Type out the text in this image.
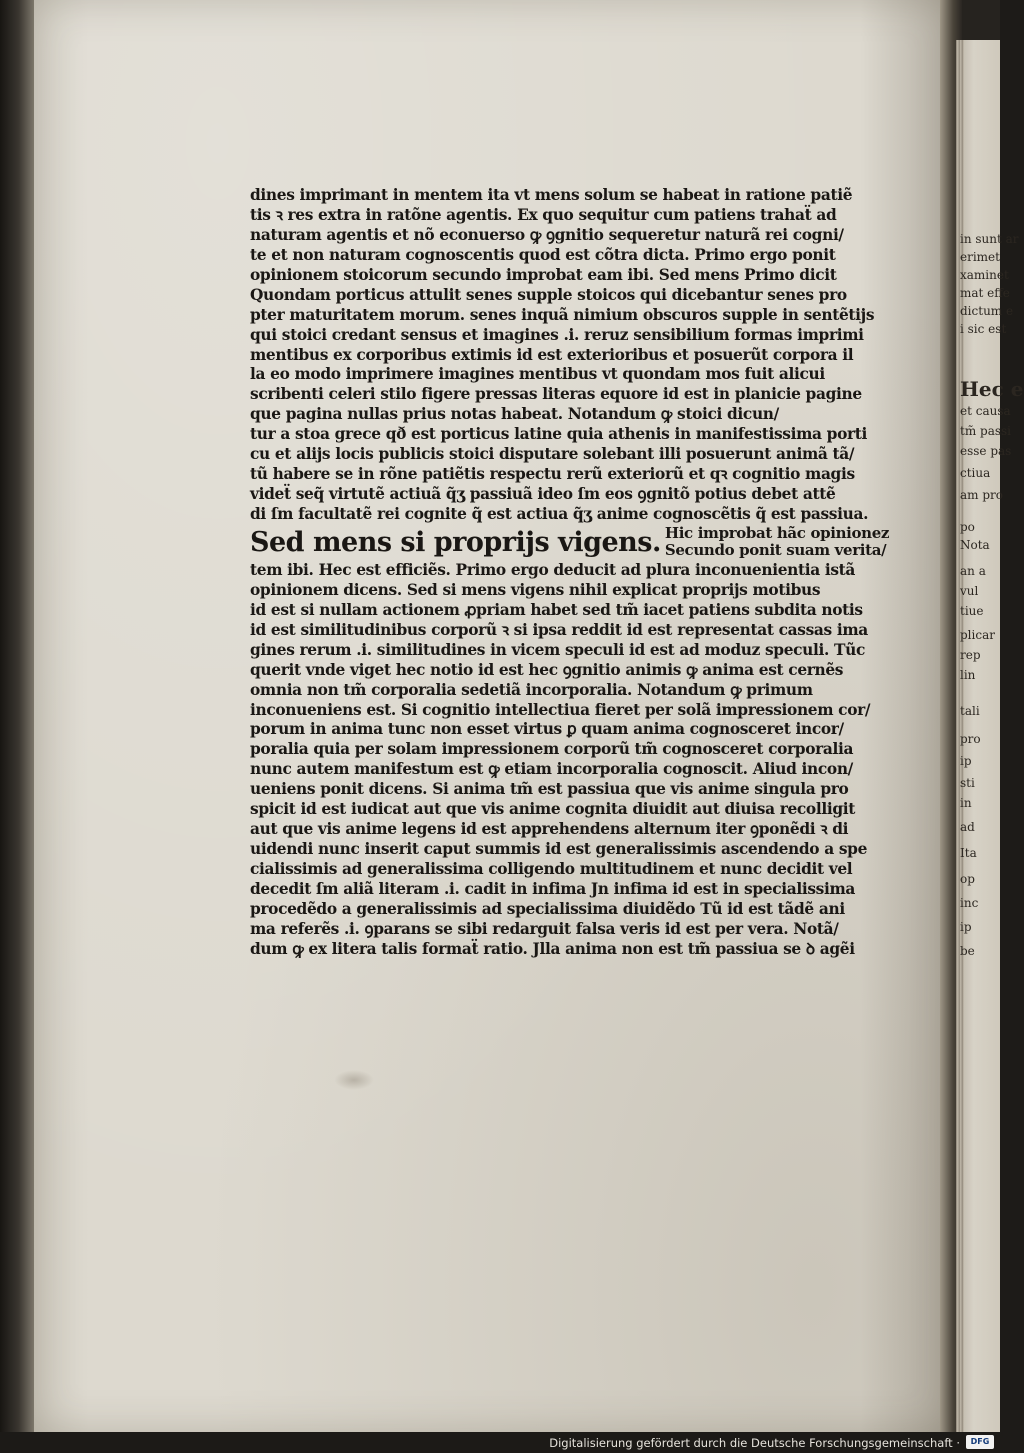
in sunt ar
erimet
xaminet
mat effe
dictum e
i sic est
Hec e
et causa
tm̃ passi
esse pas
ctiua
am pro
po
Nota
an a
vul
tiue
plicar
rep
lin
tali
pro
ip
sti
in
ad
Ita
op
inc
ip
be
dines imprimant in mentem ita vt mens solum se habeat in ratione patiẽ
tis ꝛ res extra in ratõne agentis. Ex quo sequitur cum patiens trahaẗ ad
naturam agentis et nõ econuerso ꝙ ꝯgnitio sequeretur naturã rei cogni/
te et non naturam cognoscentis quod est cõtra dicta. Primo ergo ponit
opinionem stoicorum secundo improbat eam ibi. Sed mens Primo dicit
Quondam porticus attulit senes supple stoicos qui dicebantur senes pro
pter maturitatem morum. senes inquã nimium obscuros supple in sentẽtijs
qui stoici credant sensus et imagines .i. reruz sensibilium formas imprimi
mentibus ex corporibus extimis id est exterioribus et posuerũt corpora il
la eo modo imprimere imagines mentibus vt quondam mos fuit alicui
scribenti celeri stilo figere pressas literas equore id est in planicie pagine
que pagina nullas prius notas habeat. Notandum ꝙ stoici dicun/
tur a stoa grece qð est porticus latine quia athenis in manifestissima porti
cu et alijs locis publicis stoici disputare solebant illi posuerunt animã tã/
tũ habere se in rõne patiẽtis respectu rerũ exteriorũ et qꝛ cognitio magis
videẗ seq̃ virtutẽ actiuã q̃ʒ passiuã ideo ſm eos ꝯgnitõ potius debet attẽ
di ſm facultatẽ rei cognite q̃ est actiua q̃ʒ anime cognoscẽtis q̃ est passiua.
Sed mens si proprijs vigens. Hic improbat hãc opinionez
Secundo ponit suam verita/
tem ibi. Hec est efficiẽs. Primo ergo deducit ad plura inconuenientia istã
opinionem dicens. Sed si mens vigens nihil explicat proprijs motibus
id est si nullam actionem ꝓpriam habet sed tm̃ iacet patiens subdita notis
id est similitudinibus corporũ ꝛ si ipsa reddit id est representat cassas ima
gines rerum .i. similitudines in vicem speculi id est ad moduz speculi. Tũc
querit vnde viget hec notio id est hec ꝯgnitio animis ꝙ anima est cernẽs
omnia non tm̃ corporalia sedetiã incorporalia. Notandum ꝙ primum
inconueniens est. Si cognitio intellectiua fieret per solã impressionem cor/
porum in anima tunc non esset virtus ꝑ quam anima cognosceret incor/
poralia quia per solam impressionem corporũ tm̃ cognosceret corporalia
nunc autem manifestum est ꝙ etiam incorporalia cognoscit. Aliud incon/
ueniens ponit dicens. Si anima tm̃ est passiua que vis anime singula pro
spicit id est iudicat aut que vis anime cognita diuidit aut diuisa recolligit
aut que vis anime legens id est apprehendens alternum iter ꝯponẽdi ꝛ di
uidendi nunc inserit caput summis id est generalissimis ascendendo a spe
cialissimis ad generalissima colligendo multitudinem et nunc decidit vel
decedit ſm aliã literam .i. cadit in infima Jn infima id est in specialissima
procedẽdo a generalissimis ad specialissima diuidẽdo Tũ id est tãdẽ ani
ma referẽs .i. ꝯparans se sibi redarguit falsa veris id est per vera. Notã/
dum ꝙ ex litera talis formaẗ ratio. Jlla anima non est tm̃ passiua se ꝺ agẽi
Digitalisierung gefördert durch die Deutsche Forschungsgemeinschaft ·	DFG
